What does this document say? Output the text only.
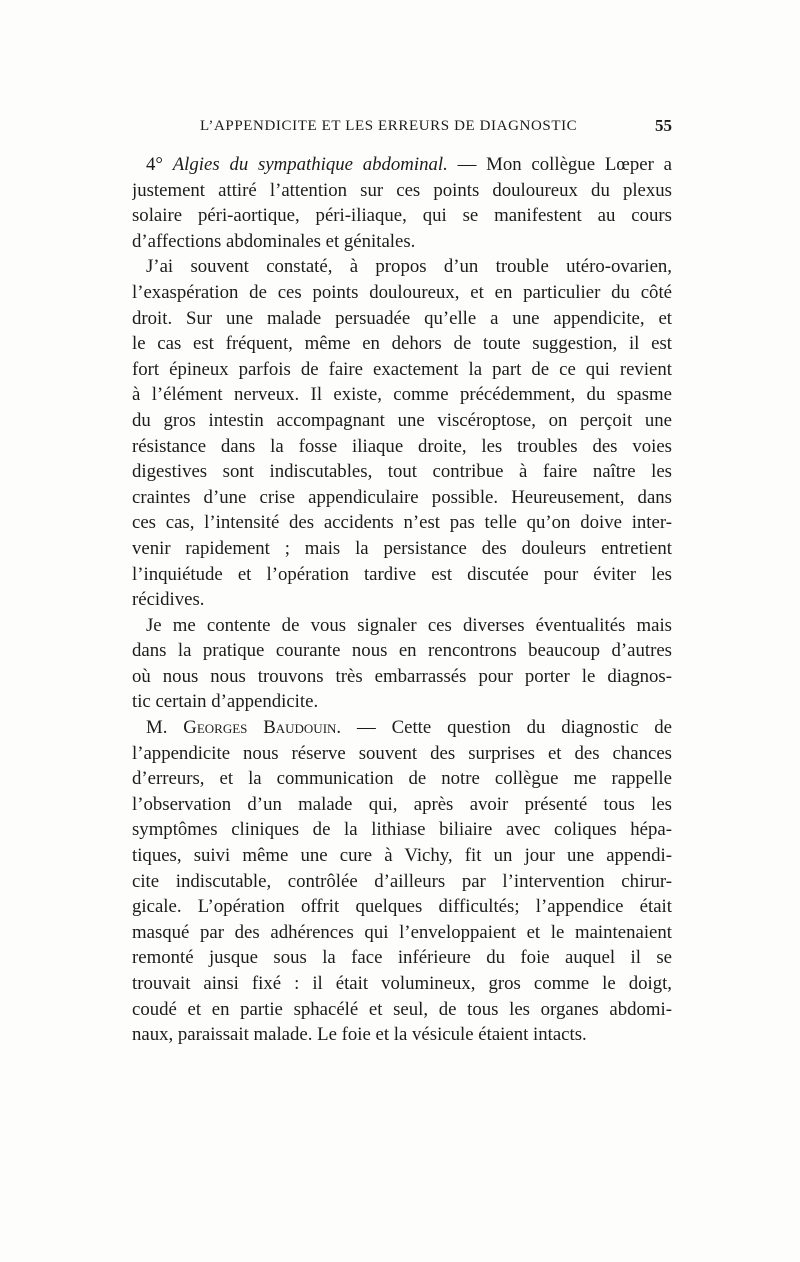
L’APPENDICITE ET LES ERREURS DE DIAGNOSTIC	55
4° Algies du sympathique abdominal. — Mon collègue Lœper a
justement attiré l’attention sur ces points douloureux du plexus
solaire péri-aortique, péri-iliaque, qui se manifestent au cours
d’affections abdominales et génitales.
J’ai souvent constaté, à propos d’un trouble utéro-ovarien,
l’exaspération de ces points douloureux, et en particulier du côté
droit. Sur une malade persuadée qu’elle a une appendicite, et
le cas est fréquent, même en dehors de toute suggestion, il est
fort épineux parfois de faire exactement la part de ce qui revient
à l’élément nerveux. Il existe, comme précédemment, du spasme
du gros intestin accompagnant une viscéroptose, on perçoit une
résistance dans la fosse iliaque droite, les troubles des voies
digestives sont indiscutables, tout contribue à faire naître les
craintes d’une crise appendiculaire possible. Heureusement, dans
ces cas, l’intensité des accidents n’est pas telle qu’on doive inter-
venir rapidement ; mais la persistance des douleurs entretient
l’inquiétude et l’opération tardive est discutée pour éviter les
récidives.
Je me contente de vous signaler ces diverses éventualités mais
dans la pratique courante nous en rencontrons beaucoup d’autres
où nous nous trouvons très embarrassés pour porter le diagnos-
tic certain d’appendicite.
M. Georges Baudouin. — Cette question du diagnostic de
l’appendicite nous réserve souvent des surprises et des chances
d’erreurs, et la communication de notre collègue me rappelle
l’observation d’un malade qui, après avoir présenté tous les
symptômes cliniques de la lithiase biliaire avec coliques hépa-
tiques, suivi même une cure à Vichy, fit un jour une appendi-
cite indiscutable, contrôlée d’ailleurs par l’intervention chirur-
gicale. L’opération offrit quelques difficultés; l’appendice était
masqué par des adhérences qui l’enveloppaient et le maintenaient
remonté jusque sous la face inférieure du foie auquel il se
trouvait ainsi fixé : il était volumineux, gros comme le doigt,
coudé et en partie sphacélé et seul, de tous les organes abdomi-
naux, paraissait malade. Le foie et la vésicule étaient intacts.
